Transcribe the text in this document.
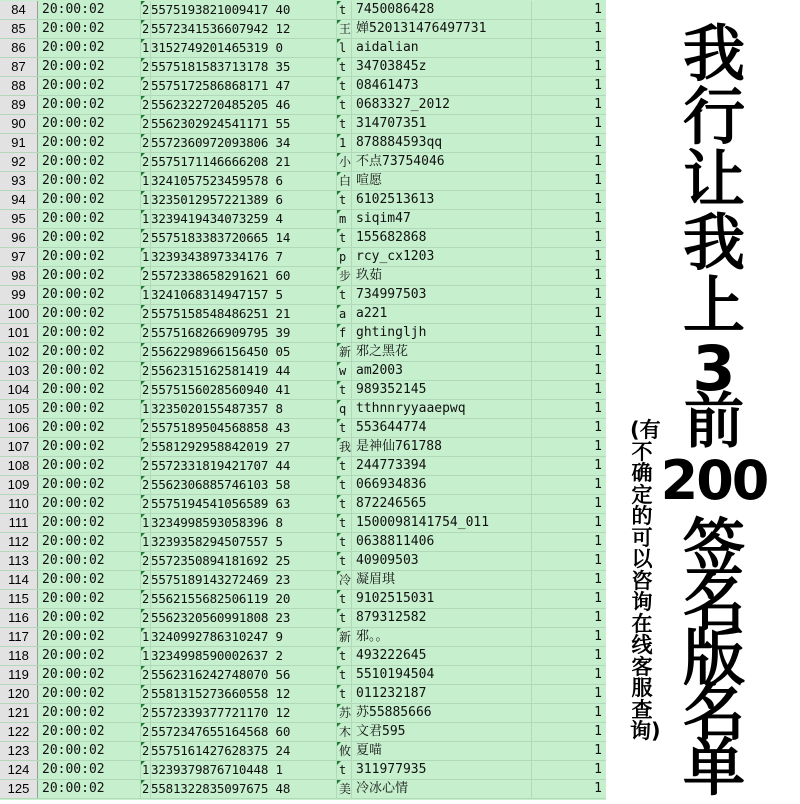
84	20:00:02	2 5575193821009417 40	t 7450086428	1
85	20:00:02	2 5572341536607942 12	王 婵520131476497731	1
86	20:00:02	1 3152749201465319 0	l aidalian	1
87	20:00:02	2 5575181583713178 35	t 34703845z	1
88	20:00:02	2 5575172586868171 47	t 08461473	1
89	20:00:02	2 5562322720485205 46	t 0683327_2012	1
90	20:00:02	2 5562302924541171 55	t 314707351	1
91	20:00:02	2 5572360972093806 34	1 878884593qq	1
92	20:00:02	2 5575171146666208 21	小 不点73754046	1
93	20:00:02	1 3241057523459578 6	白 喧愿	1
94	20:00:02	1 3235012957221389 6	t 6102513613	1
95	20:00:02	1 3239419434073259 4	m siqim47	1
96	20:00:02	2 5575183383720665 14	t 155682868	1
97	20:00:02	1 3239343897334176 7	p rcy_cx1203	1
98	20:00:02	2 5572338658291621 60	步 玖茹	1
99	20:00:02	1 3241068314947157 5	t 734997503	1
100 20:00:02	2 5575158548486251 21	a a221	1
101 20:00:02	2 5575168266909795 39	f ghtingljh	1
102 20:00:02	2 5562298966156450 05	新 邪之黑花	1
103 20:00:02	2 5562315162581419 44	w am2003	1
104 20:00:02	2 5575156028560940 41	t 989352145	1
105 20:00:02	1 3235020155487357 8	q tthnnryyaaepwq	1
106 20:00:02	2 5575189504568858 43	t 553644774	1
107 20:00:02	2 5581292958842019 27	我 是神仙761788	1
108 20:00:02	2 5572331819421707 44	t 244773394	1
109 20:00:02	2 5562306885746103 58	t 066934836	1
110	20:00:02	2 5575194541056589 63	t 872246565	1
111	20:00:02	1 3234998593058396 8	t 1500098141754_011	1
112	20:00:02	1 3239358294507557 5	t 0638811406	1
113	20:00:02	2 5572350894181692 25	t 40909503	1
114	20:00:02	2 5575189143272469 23	冷 凝眉琪	1
115	20:00:02	2 5562155682506119 20	t 9102515031	1
116	20:00:02	2 5562320560991808 23	t 879312582	1
117	20:00:02	1 3240992786310247 9	新 邪。。	1
118	20:00:02	1 3234998590002637 2	t 493222645	1
119	20:00:02	2 5562316242748070 56	t 5510194504	1
120 20:00:02	2 5581315273660558 12	t 011232187	1
121 20:00:02	2 5572339377721170 12	苏 苏55885666	1
122 20:00:02	2 5572347655164568 60	木 文君595	1
123 20:00:02	2 5575161427628375 24	攸 夏喵	1
124 20:00:02	1 3239379876710448 1	t 311977935	1
125 20:00:02	2 5581322835097675 48	美 冷冰心情	1
我行让我上3
前
200
签名版名单
(有不确定的可以咨询在线客服查询)
